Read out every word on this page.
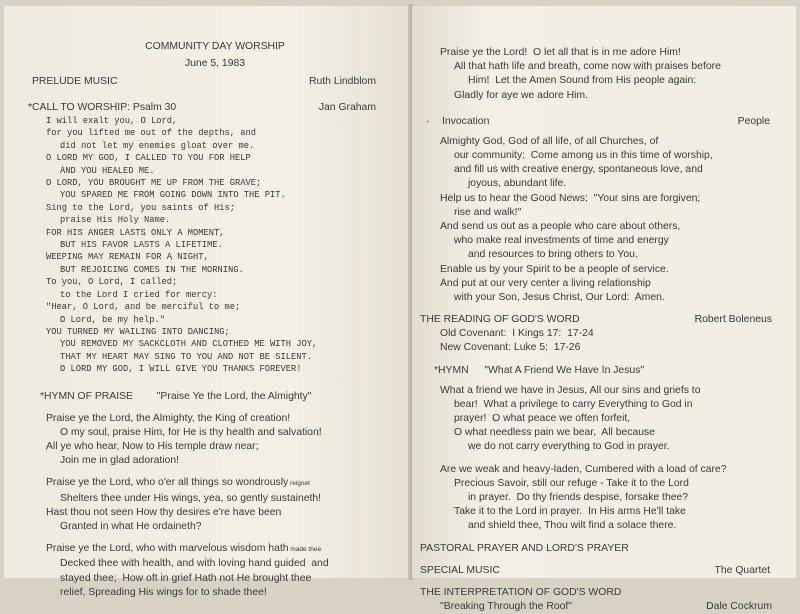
COMMUNITY DAY WORSHIP
June 5, 1983
PRELUDE MUSIC	Ruth Lindblom
*CALL TO WORSHIP: Psalm 30	Jan Graham
I will exalt you, O Lord,
for you lifted me out of the depths, and
did not let my enemies gloat over me.
O LORD MY GOD, I CALLED TO YOU FOR HELP
AND YOU HEALED ME.
O LORD, YOU BROUGHT ME UP FROM THE GRAVE;
YOU SPARED ME FROM GOING DOWN INTO THE PIT.
Sing to the Lord, you saints of His;
praise His Holy Name.
FOR HIS ANGER LASTS ONLY A MOMENT,
BUT HIS FAVOR LASTS A LIFETIME.
WEEPING MAY REMAIN FOR A NIGHT,
BUT REJOICING COMES IN THE MORNING.
To you, O Lord, I called;
to the Lord I cried for mercy:
"Hear, O Lord, and be merciful to me;
O Lord, be my help."
YOU TURNED MY WAILING INTO DANCING;
YOU REMOVED MY SACKCLOTH AND CLOTHED ME WITH JOY,
THAT MY HEART MAY SING TO YOU AND NOT BE SILENT.
O LORD MY GOD, I WILL GIVE YOU THANKS FOREVER!
*HYMN OF PRAISE "Praise Ye the Lord, the Almighty"
Praise ye the Lord, the Almighty, the King of creation!
O my soul, praise Him, for He is thy health and salvation!
All ye who hear, Now to His temple draw near;
Join me in glad adoration!
Praise ye the Lord, who o'er all things so wondrously reignet
Shelters thee under His wings, yea, so gently sustaineth!
Hast thou not seen How thy desires e're have been
Granted in what He ordaineth?
Praise ye the Lord, who with marvelous wisdom hath made thee
Decked thee with health, and with loving hand guided  and
stayed thee;  How oft in grief Hath not He brought thee
relief, Spreading His wings for to shade thee!
Praise ye the Lord!  O let all that is in me adore Him!
All that hath life and breath, come now with praises before
Him!  Let the Amen Sound from His people again:
Gladly for aye we adore Him.
· Invocation	People
Almighty God, God of all life, of all Churches, of
our community:  Come among us in this time of worship,
and fill us with creative energy, spontaneous love, and
joyous, abundant life.
Help us to hear the Good News:  "Your sins are forgiven;
rise and walk!"
And send us out as a people who care about others,
who make real investments of time and energy
and resources to bring others to You.
Enable us by your Spirit to be a people of service.
And put at our very center a living relationship
with your Son, Jesus Christ, Our Lord:  Amen.
THE READING OF GOD'S WORD	Robert Boleneus
Old Covenant:  I Kings 17:  17-24
New Covenant: Luke 5:  17-26
*HYMN "What A Friend We Have In Jesus"
What a friend we have in Jesus, All our sins and griefs to
bear!  What a privilege to carry Everything to God in
prayer!  O what peace we often forfeit,
O what needless pain we bear,  All because
we do not carry everything to God in prayer.
Are we weak and heavy-laden, Cumbered with a load of care?
Precious Savoir, still our refuge - Take it to the Lord
in prayer.  Do thy friends despise, forsake thee?
Take it to the Lord in prayer.  In His arms He'll take
and shield thee, Thou wilt find a solace there.
PASTORAL PRAYER AND LORD'S PRAYER
SPECIAL MUSIC	The Quartet
THE INTERPRETATION OF GOD'S WORD
"Breaking Through the Roof"	Dale Cockrum
